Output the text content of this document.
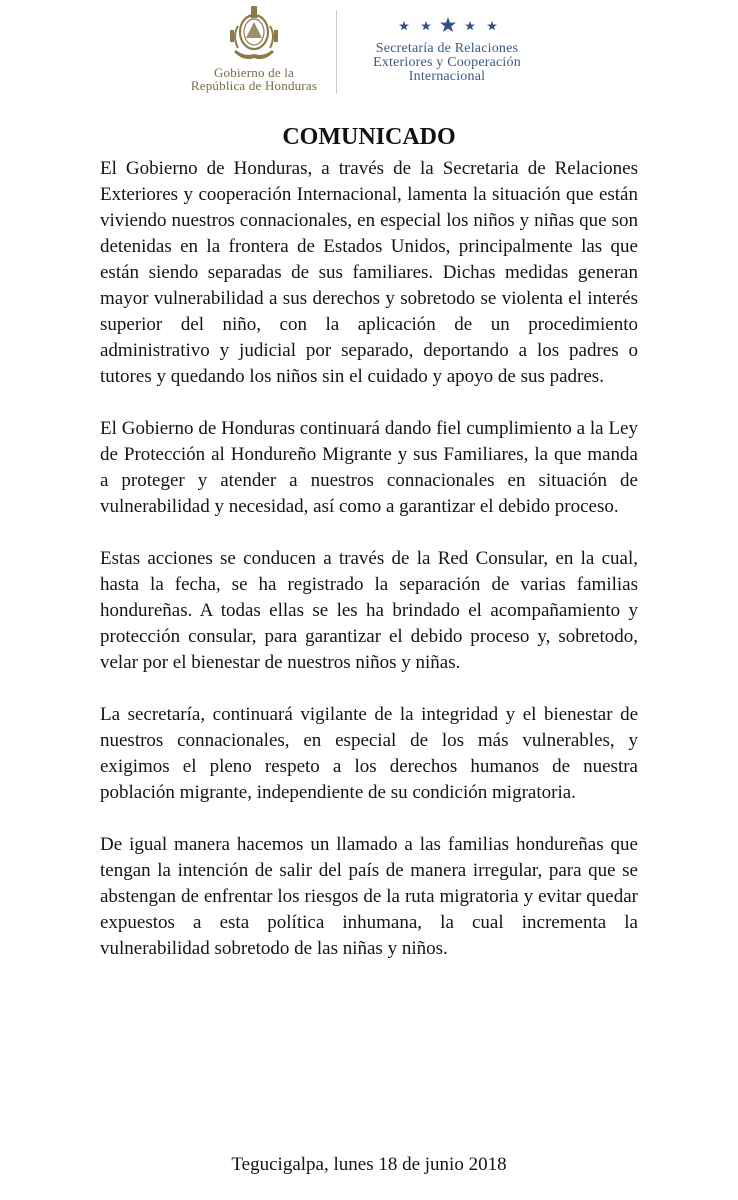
Gobierno de la
República de Honduras
Secretaría de Relaciones
Exteriores y Cooperación
Internacional
COMUNICADO

El Gobierno de Honduras, a través de la Secretaria de Relaciones Exteriores y cooperación Internacional, lamenta la situación que están viviendo nuestros connacionales, en especial los niños y niñas que son detenidas en la frontera de Estados Unidos, principalmente las que están siendo separadas de sus familiares. Dichas medidas generan mayor vulnerabilidad a sus derechos y sobretodo se violenta el interés superior del niño, con la aplicación de un procedimiento administrativo y judicial por separado, deportando a los padres o tutores y quedando los niños sin el cuidado y apoyo de sus padres.

El Gobierno de Honduras continuará dando fiel cumplimiento a la Ley de Protección al Hondureño Migrante y sus Familiares, la que manda a proteger y atender a nuestros connacionales en situación de vulnerabilidad y necesidad, así como a garantizar el debido proceso.

Estas acciones se conducen a través de la Red Consular, en la cual, hasta la fecha, se ha registrado la separación de varias familias hondureñas. A todas ellas se les ha brindado el acompañamiento y protección consular, para garantizar el debido proceso y, sobretodo, velar por el bienestar de nuestros niños y niñas.

La secretaría, continuará vigilante de la integridad y el bienestar de nuestros connacionales, en especial de los más vulnerables, y exigimos el pleno respeto a los derechos humanos de nuestra población migrante, independiente de su condición migratoria.

De igual manera hacemos un llamado a las familias hondureñas que tengan la intención de salir del país de manera irregular, para que se abstengan de enfrentar los riesgos de la ruta migratoria y evitar quedar expuestos a esta política inhumana, la cual incrementa la vulnerabilidad sobretodo de las niñas y niños.

Tegucigalpa, lunes 18 de junio 2018
